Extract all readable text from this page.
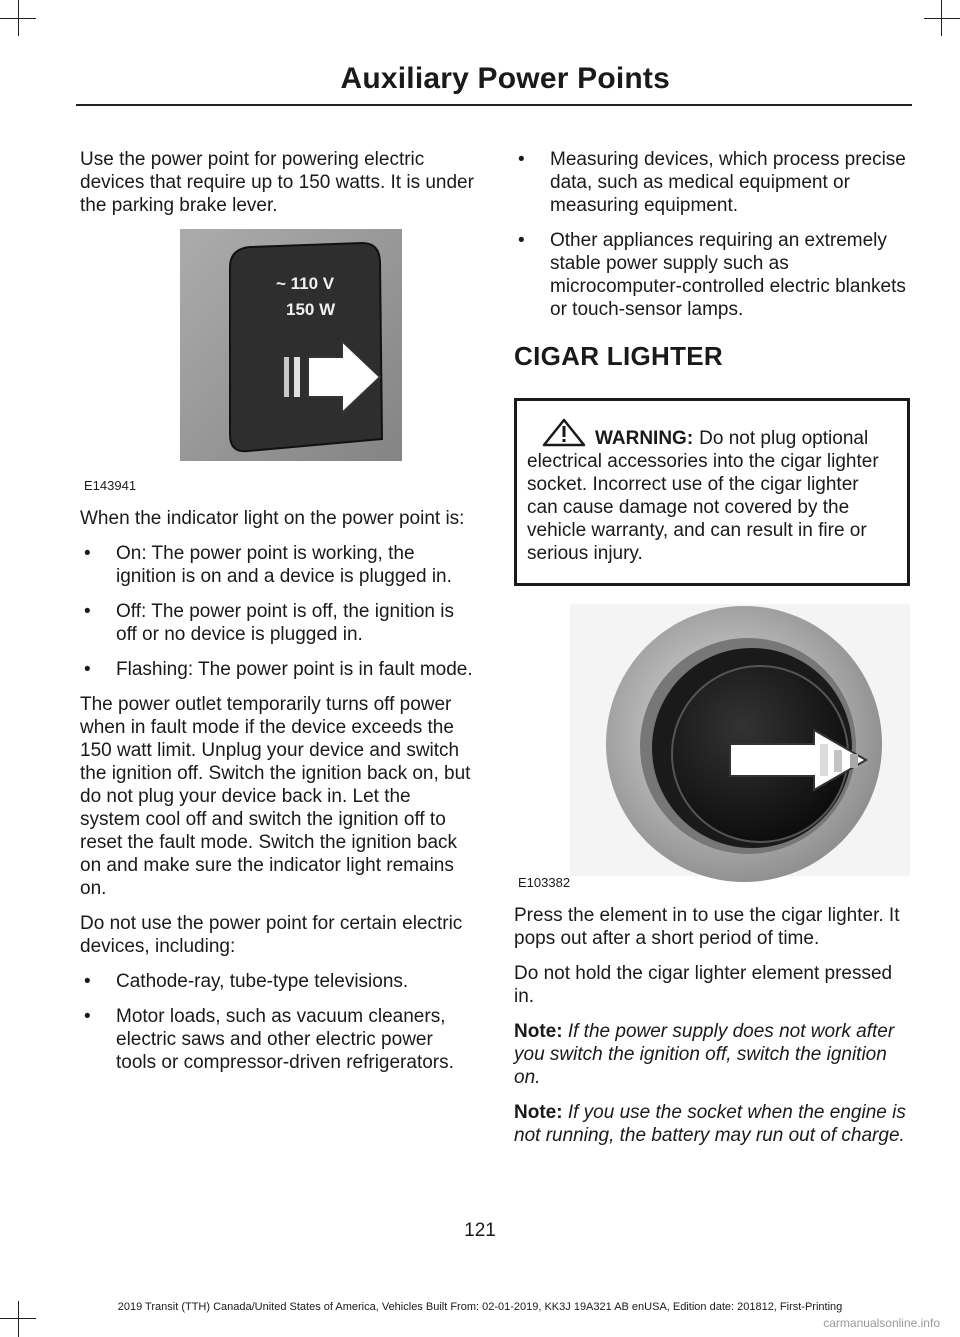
Auxiliary Power Points

Use the power point for powering electric devices that require up to 150 watts. It is under the parking brake lever.

~ 110 V
150 W
E143941

When the indicator light on the power point is:

• On: The power point is working, the ignition is on and a device is plugged in.
• Off: The power point is off, the ignition is off or no device is plugged in.
• Flashing: The power point is in fault mode.

The power outlet temporarily turns off power when in fault mode if the device exceeds the 150 watt limit. Unplug your device and switch the ignition off. Switch the ignition back on, but do not plug your device back in. Let the system cool off and switch the ignition off to reset the fault mode. Switch the ignition back on and make sure the indicator light remains on.

Do not use the power point for certain electric devices, including:

• Cathode-ray, tube-type televisions.
• Motor loads, such as vacuum cleaners, electric saws and other electric power tools or compressor-driven refrigerators.
• Measuring devices, which process precise data, such as medical equipment or measuring equipment.
• Other appliances requiring an extremely stable power supply such as microcomputer-controlled electric blankets or touch-sensor lamps.
CIGAR LIGHTER
WARNING: Do not plug optional
electrical accessories into the cigar lighter socket. Incorrect use of the cigar lighter can cause damage not covered by the vehicle warranty, and can result in fire or serious injury.
E103382

Press the element in to use the cigar lighter. It pops out after a short period of time.

Do not hold the cigar lighter element pressed in.

Note: If the power supply does not work after you switch the ignition off, switch the ignition on.

Note: If you use the socket when the engine is not running, the battery may run out of charge.

121
2019 Transit (TTH) Canada/United States of America, Vehicles Built From: 02-01-2019, KK3J 19A321 AB enUSA, Edition date: 201812, First-Printing
carmanualsonline.info
